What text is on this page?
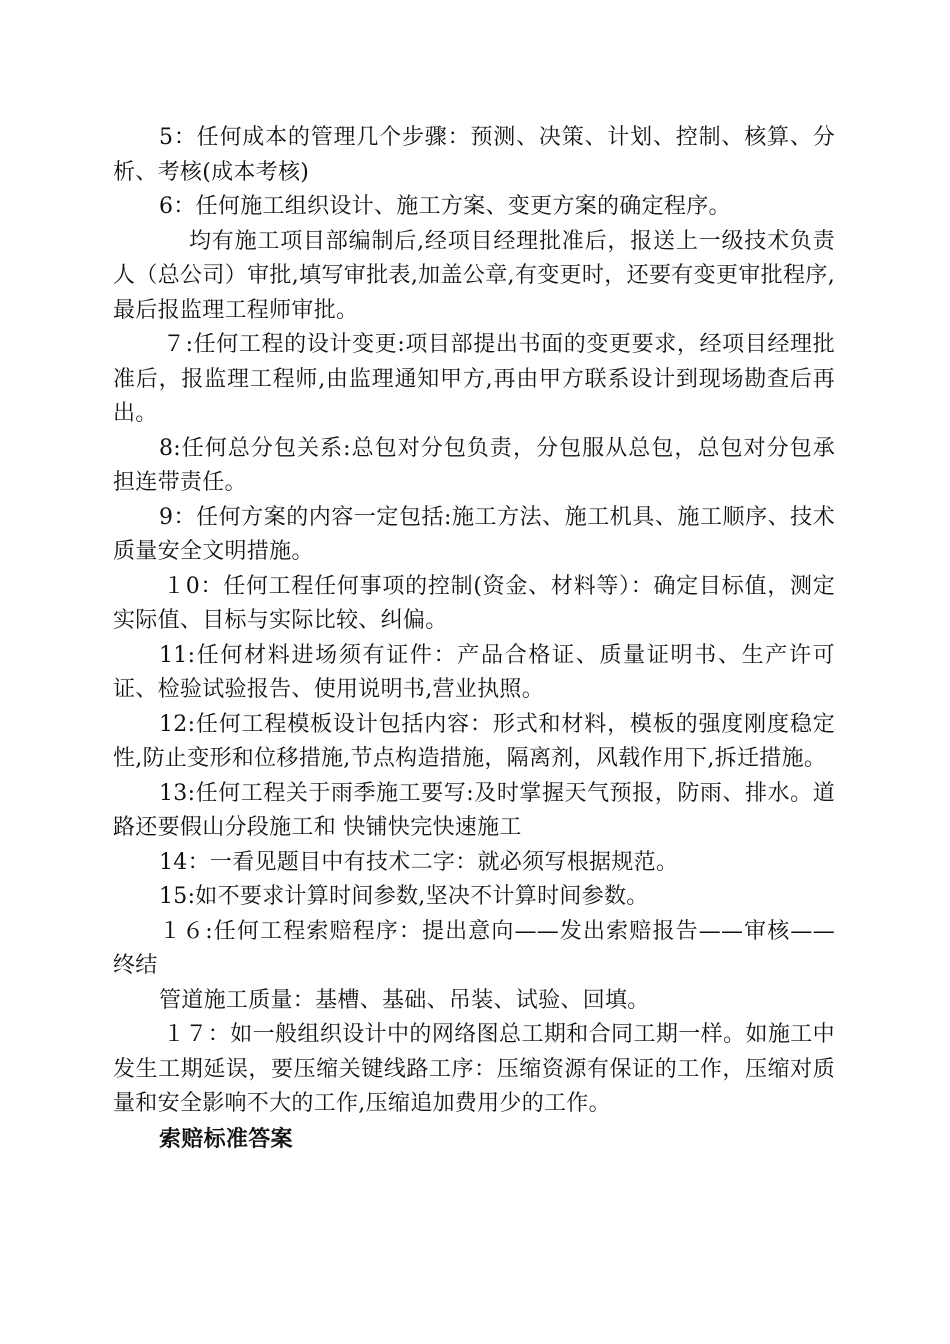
5：任何成本的管理几个步骤：预测、决策、计划、控制、核算、分析、考核(成本考核)

6：任何施工组织设计、施工方案、变更方案的确定程序。

均有施工项目部编制后,经项目经理批准后，报送上一级技术负责人（总公司）审批,填写审批表,加盖公章,有变更时，还要有变更审批程序,最后报监理工程师审批。

７:任何工程的设计变更:项目部提出书面的变更要求，经项目经理批准后，报监理工程师,由监理通知甲方,再由甲方联系设计到现场勘查后再出。

8:任何总分包关系:总包对分包负责，分包服从总包，总包对分包承担连带责任。

9：任何方案的内容一定包括:施工方法、施工机具、施工顺序、技术质量安全文明措施。

１0：任何工程任何事项的控制(资金、材料等）：确定目标值，测定实际值、目标与实际比较、纠偏。

11:任何材料进场须有证件：产品合格证、质量证明书、生产许可证、检验试验报告、使用说明书,营业执照。

12:任何工程模板设计包括内容：形式和材料，模板的强度刚度稳定性,防止变形和位移措施,节点构造措施，隔离剂，风载作用下,拆迁措施。

13:任何工程关于雨季施工要写:及时掌握天气预报，防雨、排水。道路还要假山分段施工和 快铺快完快速施工

14：一看见题目中有技术二字：就必须写根据规范。

15:如不要求计算时间参数,坚决不计算时间参数。

１６:任何工程索赔程序：提出意向——发出索赔报告——审核——终结

管道施工质量：基槽、基础、吊装、试验、回填。

１７：如一般组织设计中的网络图总工期和合同工期一样。如施工中发生工期延误，要压缩关键线路工序：压缩资源有保证的工作，压缩对质量和安全影响不大的工作,压缩追加费用少的工作。

索赔标准答案
